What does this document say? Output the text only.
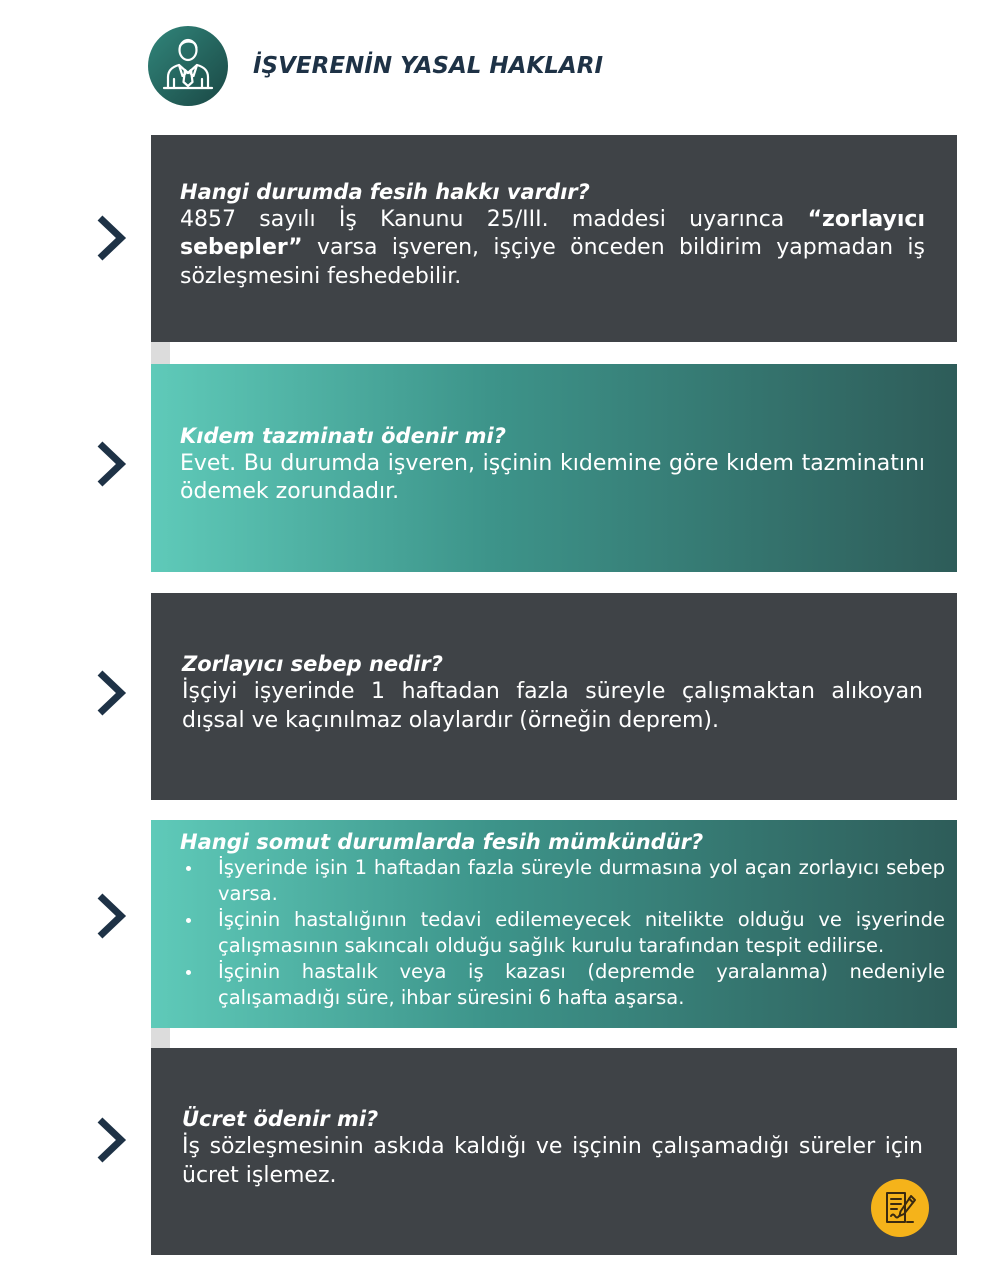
İŞVERENİN YASAL HAKLARI
Hangi durumda fesih hakkı vardır?

4857 sayılı İş Kanunu 25/III. maddesi uyarınca “zorlayıcı sebepler” varsa işveren, işçiye önceden bildirim yapmadan iş sözleşmesini feshedebilir.

Kıdem tazminatı ödenir mi?

Evet. Bu durumda işveren, işçinin kıdemine göre kıdem tazminatını ödemek zorundadır.

Zorlayıcı sebep nedir?

İşçiyi işyerinde 1 haftadan fazla süreyle çalışmaktan alıkoyan dışsal ve kaçınılmaz olaylardır (örneğin deprem).

Hangi somut durumlarda fesih mümkündür?
İşyerinde işin 1 haftadan fazla süreyle durmasına yol açan zorlayıcı sebep varsa.
İşçinin hastalığının tedavi edilemeyecek nitelikte olduğu ve işyerinde çalışmasının sakıncalı olduğu sağlık kurulu tarafından tespit edilirse.
İşçinin hastalık veya iş kazası (depremde yaralanma) nedeniyle çalışamadığı süre, ihbar süresini 6 hafta aşarsa.
Ücret ödenir mi?

İş sözleşmesinin askıda kaldığı ve işçinin çalışamadığı süreler için ücret işlemez.
